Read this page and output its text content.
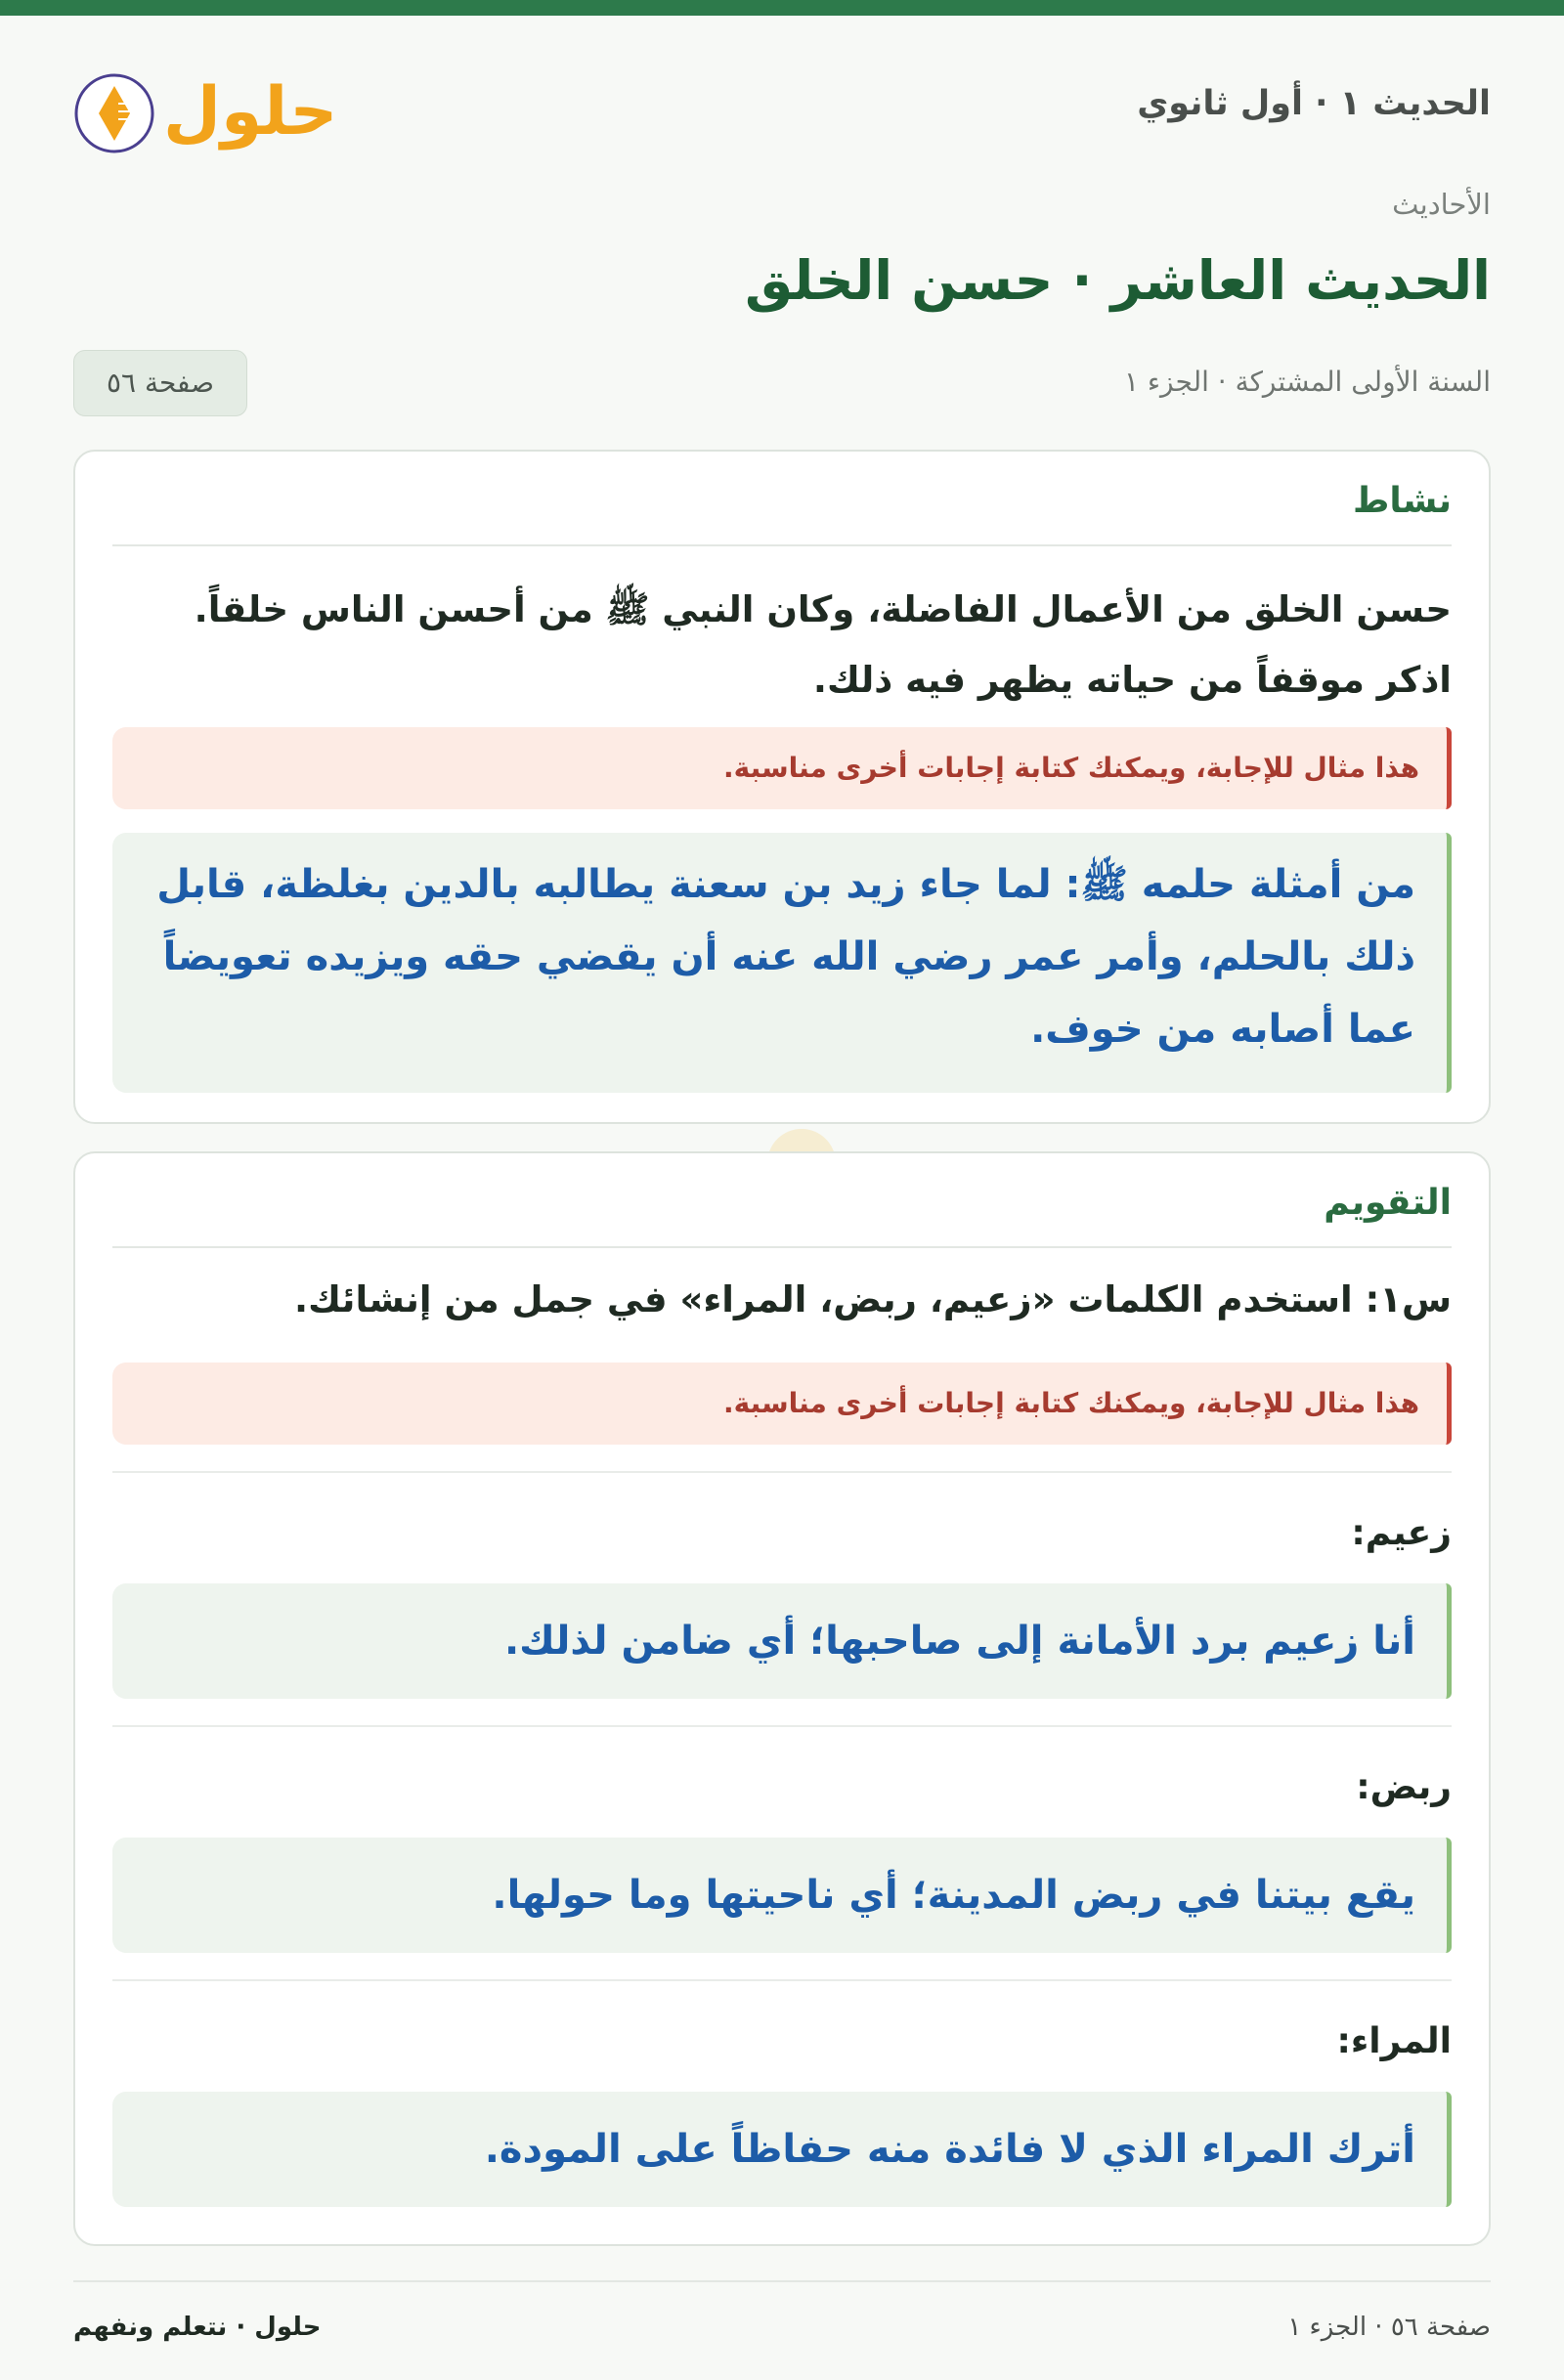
حلول	الحديث ١ · أول ثانوي
الأحاديث
الحديث العاشر · حسن الخلق
السنة الأولى المشتركة · الجزء ١
صفحة ٥٦
نشاط
حسن الخلق من الأعمال الفاضلة، وكان النبي ﷺ من أحسن الناس خلقاً.
اذكر موقفاً من حياته يظهر فيه ذلك.
هذا مثال للإجابة، ويمكنك كتابة إجابات أخرى مناسبة.
من أمثلة حلمه ﷺ: لما جاء زيد بن سعنة يطالبه بالدين بغلظة، قابل ذلك بالحلم، وأمر عمر رضي الله عنه أن يقضي حقه ويزيده تعويضاً عما أصابه من خوف.
التقويم
س١: استخدم الكلمات «زعيم، ربض، المراء» في جمل من إنشائك.
هذا مثال للإجابة، ويمكنك كتابة إجابات أخرى مناسبة.
زعيم:
أنا زعيم برد الأمانة إلى صاحبها؛ أي ضامن لذلك.
ربض:
يقع بيتنا في ربض المدينة؛ أي ناحيتها وما حولها.
المراء:
أترك المراء الذي لا فائدة منه حفاظاً على المودة.
حلول · نتعلم ونفهم	صفحة ٥٦ · الجزء ١
